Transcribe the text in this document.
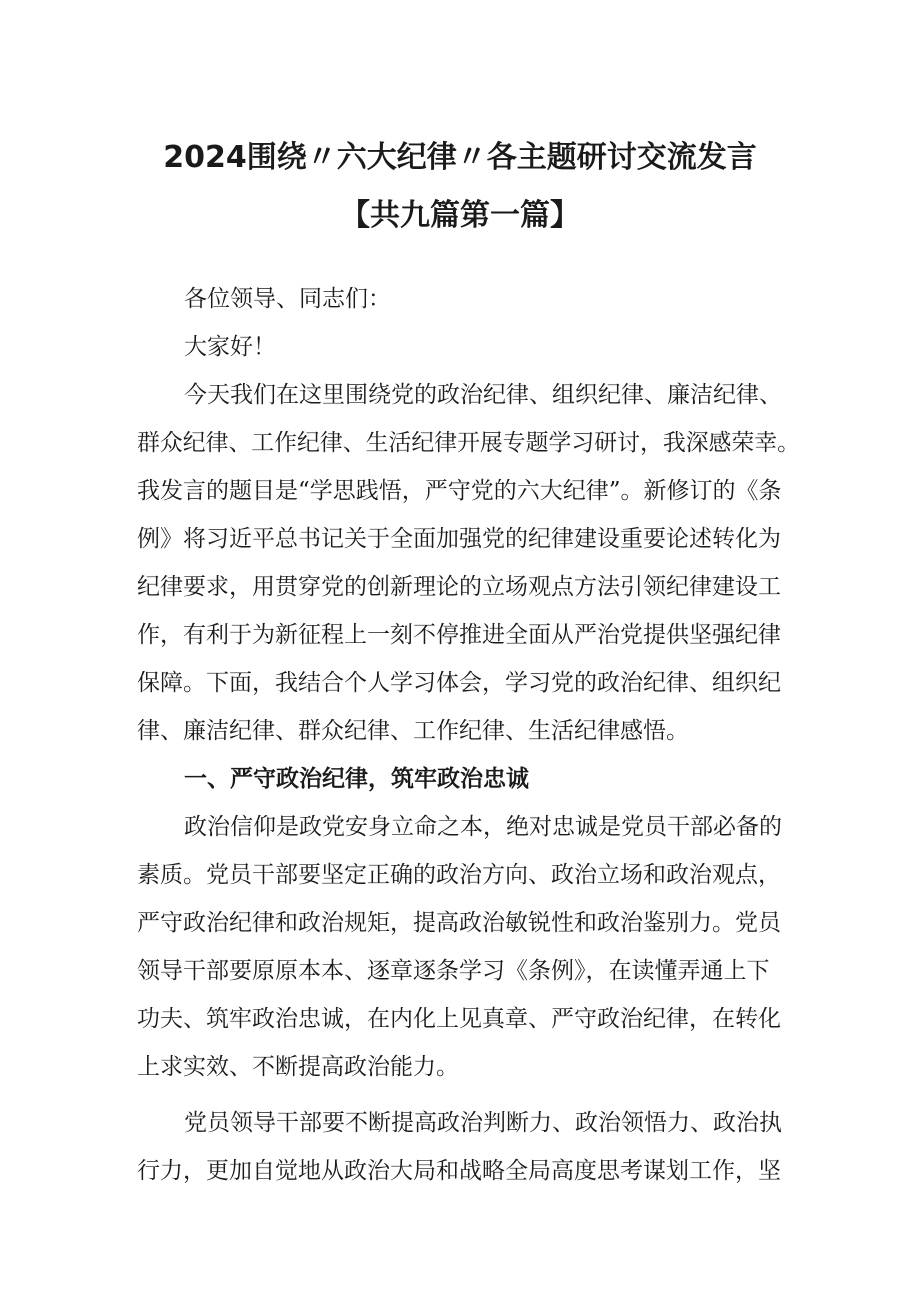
2024围绕〃六大纪律〃各主题研讨交流发言
【共九篇第一篇】
各位领导、同志们：
大家好！
今天我们在这里围绕党的政治纪律、组织纪律、廉洁纪律、
群众纪律、工作纪律、生活纪律开展专题学习研讨，我深感荣幸。
我发言的题目是“学思践悟，严守党的六大纪律”。新修订的《条
例》将习近平总书记关于全面加强党的纪律建设重要论述转化为
纪律要求，用贯穿党的创新理论的立场观点方法引领纪律建设工
作，有利于为新征程上一刻不停推进全面从严治党提供坚强纪律
保障。下面，我结合个人学习体会，学习党的政治纪律、组织纪
律、廉洁纪律、群众纪律、工作纪律、生活纪律感悟。
一、严守政治纪律，筑牢政治忠诚
政治信仰是政党安身立命之本，绝对忠诚是党员干部必备的
素质。党员干部要坚定正确的政治方向、政治立场和政治观点，
严守政治纪律和政治规矩，提高政治敏锐性和政治鉴别力。党员
领导干部要原原本本、逐章逐条学习《条例》，在读懂弄通上下
功夫、筑牢政治忠诚，在内化上见真章、严守政治纪律，在转化
上求实效、不断提高政治能力。
党员领导干部要不断提高政治判断力、政治领悟力、政治执
行力，更加自觉地从政治大局和战略全局高度思考谋划工作，坚
